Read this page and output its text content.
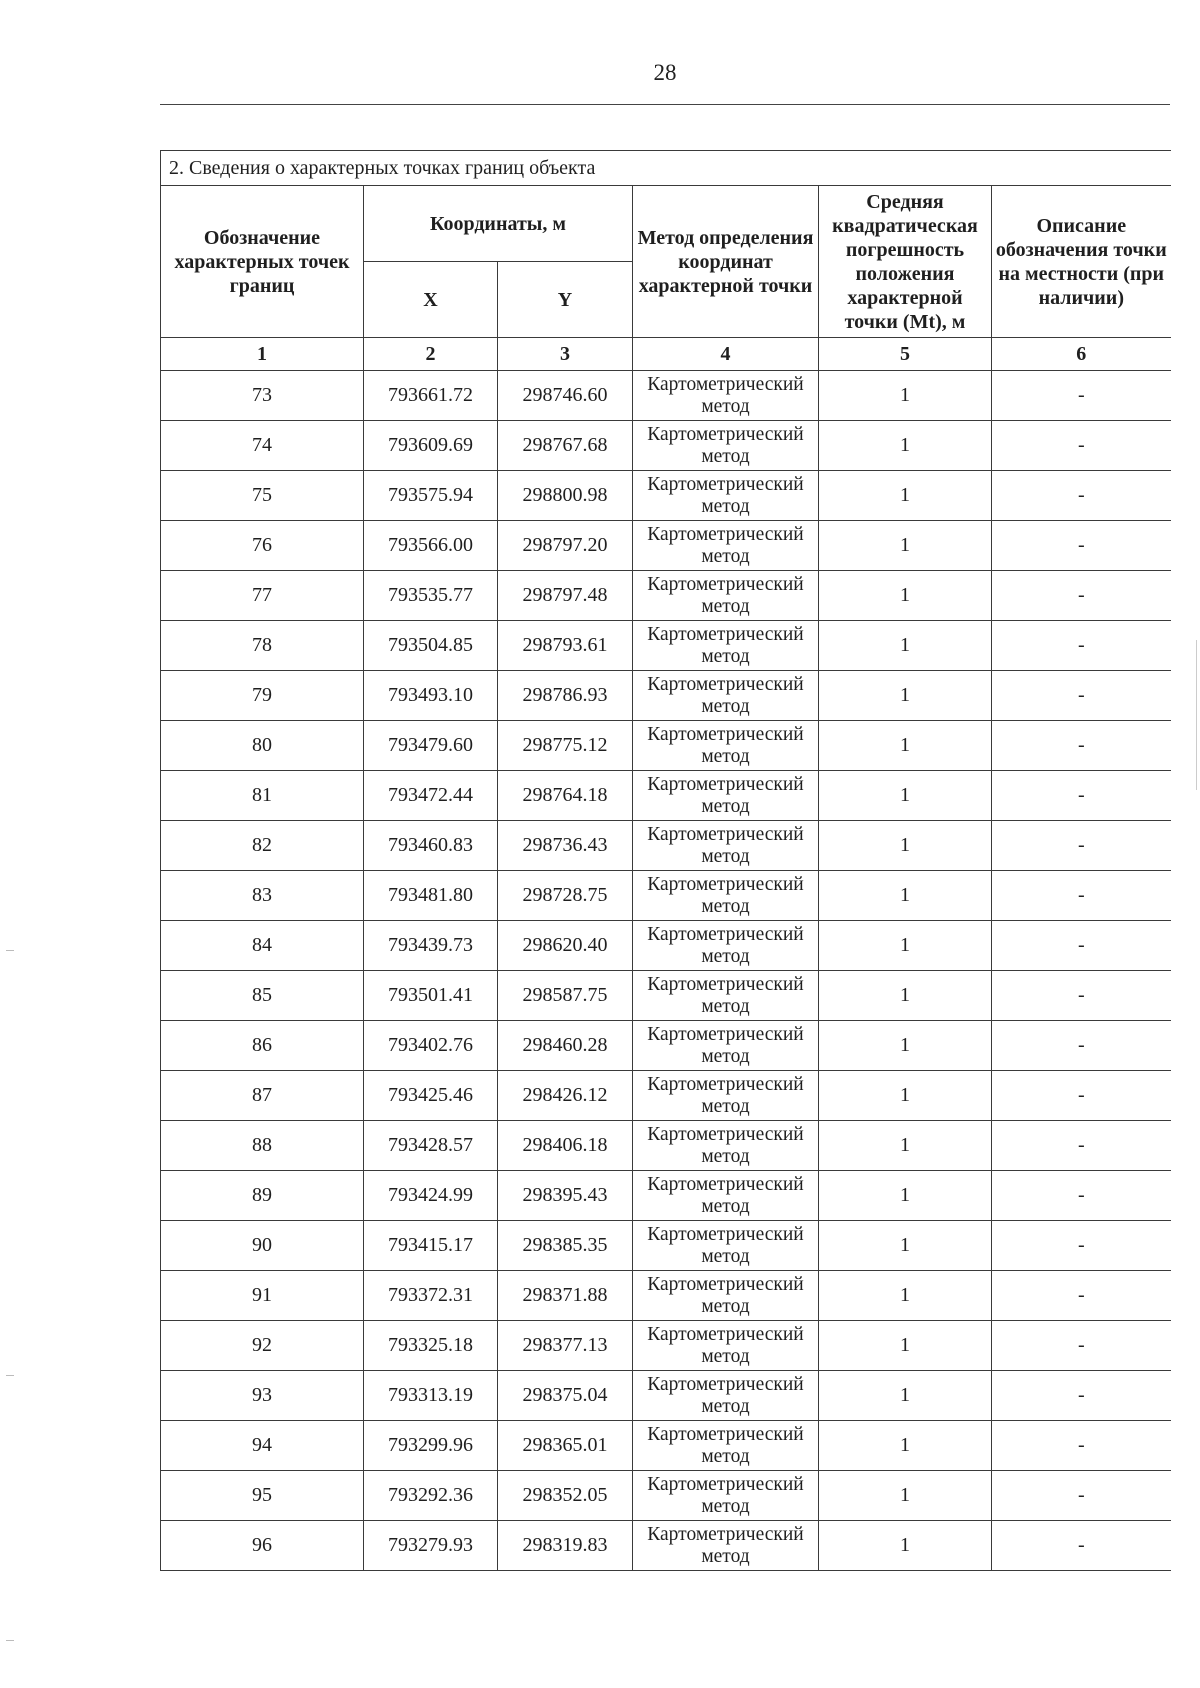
28
2. Сведения о характерных точках границ объекта					
Обозначение характерных точек границ	Координаты, м		Метод определения координат характерной точки	Средняя квадратическая погрешность положения характерной точки (Mt), м	Описание обозначения точки на местности (при наличии)
	X	Y			
1	2	3	4	5	6
73	793661.72	298746.60	Картометрический метод	1	-
74	793609.69	298767.68	Картометрический метод	1	-
75	793575.94	298800.98	Картометрический метод	1	-
76	793566.00	298797.20	Картометрический метод	1	-
77	793535.77	298797.48	Картометрический метод	1	-
78	793504.85	298793.61	Картометрический метод	1	-
79	793493.10	298786.93	Картометрический метод	1	-
80	793479.60	298775.12	Картометрический метод	1	-
81	793472.44	298764.18	Картометрический метод	1	-
82	793460.83	298736.43	Картометрический метод	1	-
83	793481.80	298728.75	Картометрический метод	1	-
84	793439.73	298620.40	Картометрический метод	1	-
85	793501.41	298587.75	Картометрический метод	1	-
86	793402.76	298460.28	Картометрический метод	1	-
87	793425.46	298426.12	Картометрический метод	1	-
88	793428.57	298406.18	Картометрический метод	1	-
89	793424.99	298395.43	Картометрический метод	1	-
90	793415.17	298385.35	Картометрический метод	1	-
91	793372.31	298371.88	Картометрический метод	1	-
92	793325.18	298377.13	Картометрический метод	1	-
93	793313.19	298375.04	Картометрический метод	1	-
94	793299.96	298365.01	Картометрический метод	1	-
95	793292.36	298352.05	Картометрический метод	1	-
96	793279.93	298319.83	Картометрический метод	1	-
